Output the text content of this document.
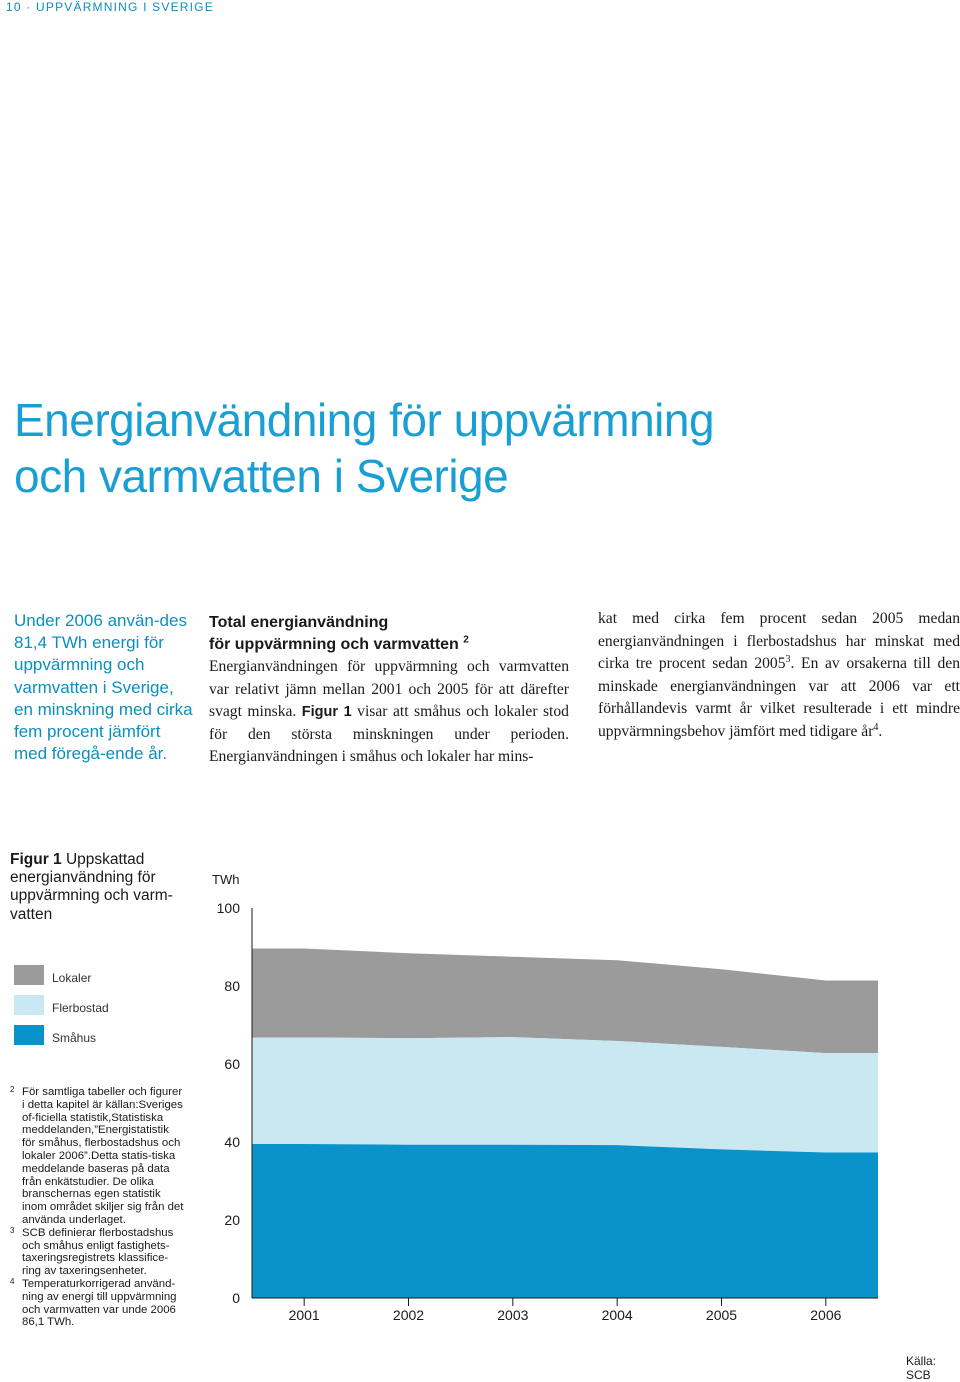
10 · UPPVÄRMNING I SVERIGE
Energianvändning för uppvärmning
och varmvatten i Sverige
Under 2006 använ-des 81,4 TWh energi för uppvärmning och varmvatten i Sverige, en minskning med cirka fem procent jämfört med föregå-ende år.
Total energianvändning
för uppvärmning och varmvatten $^2$

Energianvändningen för uppvärmning och varmvatten var relativt jämn mellan 2001 och 2005 för att därefter svagt minska. Figur 1 visar att småhus och lokaler stod för den största minskningen under perioden. Energianvändningen i småhus och lokaler har mins-

kat med cirka fem procent sedan 2005 medan energianvändningen i flerbostadshus har minskat med cirka tre procent sedan 2005$^3$. En av orsakerna till den minskade energianvändningen var att 2006 var ett förhållandevis varmt år vilket resulterade i ett mindre uppvärmningsbehov jämfört med tidigare $år^4$.

Figur 1 Uppskattad energianvändning för uppvärmning och varm-vatten
Lokaler
Flerbostad
Småhus
2 För samtliga tabeller och figurer i detta kapitel är källan:Sveriges of-ficiella statistik,Statistiska meddelanden,”Energistatistik för småhus, flerbostadshus och lokaler 2006”.Detta statis-tiska meddelande baseras på data från enkätstudier. De olika branschernas egen statistik inom området skiljer sig från det använda underlaget.
3 SCB definierar flerbostadshus och småhus enligt fastighets-taxeringsregistrets klassifice-ring av taxeringsenheter.
4 Temperaturkorrigerad använd-ning av energi till uppvärmning och varmvatten var unde 2006 86,1 TWh.
TWh
0
20
40
60
80
100
2001	2002	2003	2004	2005	2006
Källa: SCB
